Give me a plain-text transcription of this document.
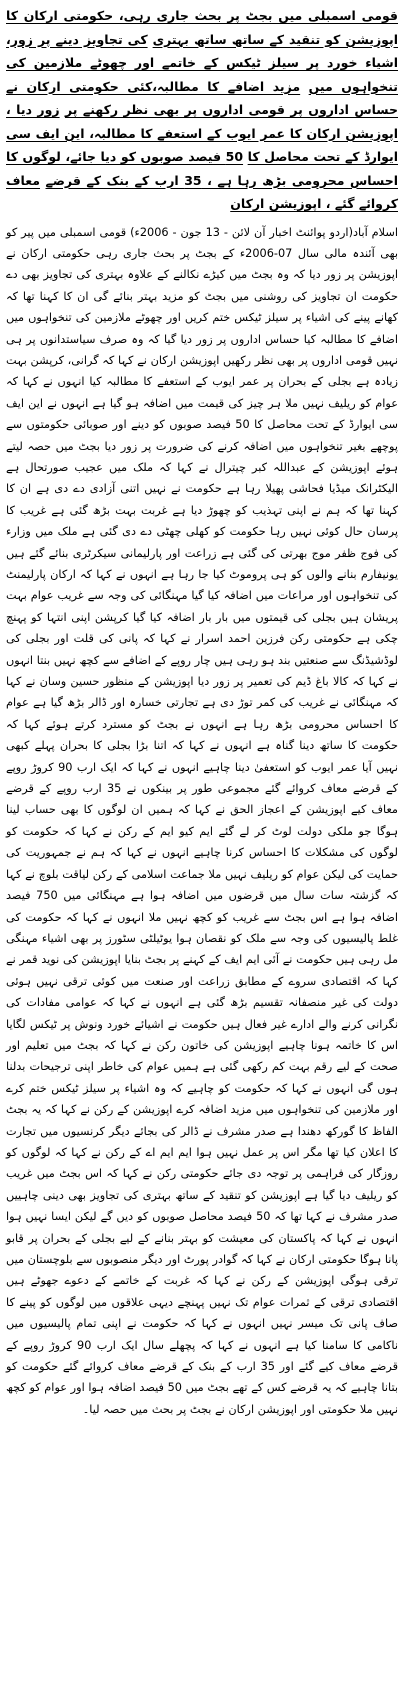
قومی اسمبلی میں بجٹ پر بحث جاری رہی، حکومتی ارکان کا اپوزیشن کو تنقید کے ساتھ ساتھ بہتری کی تجاویز دینے پر زور، اشیاء خورد پر سیلز ٹیکس کے خاتمے اور چھوٹے ملازمین کی تنخواہوں میں مزید اضافے کا مطالبہ،کئی حکومتی ارکان نے حساس اداروں پر قومی اداروں پر بھی نظر رکھنے پر زور دیا ، اپوزیشن ارکان کا عمر ایوب کے استعفے کا مطالبہ، این ایف سی ایوارڈ کے تحت محاصل کا 50 فیصد صوبوں کو دیا جائے، لوگوں کا احساس محرومی بڑھ رہا ہے ، 35 ارب کے بنک کے قرضے معاف کروائے گئے ، اپوزیشن ارکان
اسلام آباد(اردو پوائنٹ اخبار آن لائن - 13 جون - 2006ء) قومی اسمبلی میں پیر کو بھی آئندہ مالی سال 07-2006ء کے بجٹ پر بحث جاری رہی حکومتی ارکان نے اپوزیشن پر زور دیا کہ وہ بجٹ میں کیڑے نکالنے کے علاوہ بہتری کی تجاویز بھی دے حکومت ان تجاویز کی روشنی میں بجٹ کو مزید بہتر بنائے گی ان کا کہنا تھا کہ کھانے پینے کی اشیاء پر سیلز ٹیکس ختم کریں اور چھوٹے ملازمین کی تنخواہوں میں اضافے کا مطالبہ کیا حساس اداروں پر زور دیا گیا کہ وہ صرف سیاستدانوں پر ہی نہیں قومی اداروں پر بھی نظر رکھیں اپوزیشن ارکان نے کہا کہ گرانی، کرپشن بہت زیادہ ہے بجلی کے بحران پر عمر ایوب کے استعفے کا مطالبہ کیا انہوں نے کہا کہ عوام کو ریلیف نہیں ملا ہر چیز کی قیمت میں اضافہ ہو گیا ہے انہوں نے این ایف سی ایوارڈ کے تحت محاصل کا 50 فیصد صوبوں کو دینے اور صوبائی حکومتوں سے پوچھے بغیر تنخواہوں میں اضافہ کرنے کی ضرورت پر زور دیا بجٹ میں حصہ لیتے ہوئے اپوزیشن کے عبداللہ کبر چیترال نے کہا کہ ملک میں عجیب صورتحال ہے الیکٹرانک میڈیا فحاشی پھیلا رہا ہے حکومت نے نہیں اتنی آزادی دے دی ہے ان کا کہنا تھا کہ ہم نے اپنی تہذیب کو چھوڑ دیا ہے غربت بہت بڑھ گئی ہے غریب کا پرسان حال کوئی نہیں رہا حکومت کو کھلی چھٹی دے دی گئی ہے ملک میں وزارء کی فوج ظفر موج بھرتی کی گئی ہے زراعت اور پارلیمانی سیکرٹری بنائے گئے ہیں یونیفارم بنانے والوں کو ہی پروموٹ کیا جا رہا ہے انہوں نے کہا کہ ارکان پارلیمنٹ کی تنخواہوں اور مراعات میں اضافہ کیا گیا مہنگائی کی وجہ سے غریب عوام بہت پریشان ہیں بجلی کی قیمتوں میں بار بار اضافہ کیا گیا کرپشن اپنی انتہا کو پہنچ چکی ہے حکومتی رکن فرزین احمد اسرار نے کہا کہ پانی کی قلت اور بجلی کی لوڈشیڈنگ سے صنعتیں بند ہو رہی ہیں چار روپے کے اضافے سے کچھ نہیں بنتا انہوں نے کہا کہ کالا باغ ڈیم کی تعمیر پر زور دیا اپوزیشن کے منظور حسین وسان نے کہا کہ مہنگائی نے غریب کی کمر توڑ دی ہے تجارتی خسارہ اور ڈالر بڑھ گیا ہے عوام کا احساس محرومی بڑھ رہا ہے انہوں نے بجٹ کو مسترد کرتے ہوئے کہا کہ حکومت کا ساتھ دینا گناہ ہے انہوں نے کہا کہ اتنا بڑا بجلی کا بحران پہلے کبھی نہیں آیا عمر ایوب کو استعفیٰ دینا چاہیے انہوں نے کہا کہ ایک ارب 90 کروڑ روپے کے قرضے معاف کروائے گئے مجموعی طور پر بینکوں نے 35 ارب روپے کے قرضے معاف کیے اپوزیشن کے اعجاز الحق نے کہا کہ ہمیں ان لوگوں کا بھی حساب لینا ہوگا جو ملکی دولت لوٹ کر لے گئے ایم کیو ایم کے رکن نے کہا کہ حکومت کو لوگوں کی مشکلات کا احساس کرنا چاہیے انہوں نے کہا کہ ہم نے جمہوریت کی حمایت کی لیکن عوام کو ریلیف نہیں ملا جماعت اسلامی کے رکن لیاقت بلوچ نے کہا کہ گزشتہ سات سال میں قرضوں میں اضافہ ہوا ہے مہنگائی میں 750 فیصد اضافہ ہوا ہے اس بجٹ سے غریب کو کچھ نہیں ملا انہوں نے کہا کہ حکومت کی غلط پالیسیوں کی وجہ سے ملک کو نقصان ہوا یوٹیلٹی سٹورز پر بھی اشیاء مہنگی مل رہی ہیں حکومت نے آئی ایم ایف کے کہنے پر بجٹ بنایا اپوزیشن کی نوید قمر نے کہا کہ اقتصادی سروے کے مطابق زراعت اور صنعت میں کوئی ترقی نہیں ہوئی دولت کی غیر منصفانہ تقسیم بڑھ گئی ہے انہوں نے کہا کہ عوامی مفادات کی نگرانی کرنے والے ادارے غیر فعال ہیں حکومت نے اشیائے خورد ونوش پر ٹیکس لگایا اس کا خاتمہ ہونا چاہیے اپوزیشن کی خاتون رکن نے کہا کہ بجٹ میں تعلیم اور صحت کے لیے رقم بہت کم رکھی گئی ہے ہمیں عوام کی خاطر اپنی ترجیحات بدلنا ہوں گی انہوں نے کہا کہ حکومت کو چاہیے کہ وہ اشیاء پر سیلز ٹیکس ختم کرے اور ملازمین کی تنخواہوں میں مزید اضافہ کرے اپوزیشن کے رکن نے کہا کہ یہ بجٹ الفاظ کا گورکھ دھندا ہے صدر مشرف نے ڈالر کی بجائے دیگر کرنسیوں میں تجارت کا اعلان کیا تھا مگر اس پر عمل نہیں ہوا ایم ایم اے کے رکن نے کہا کہ لوگوں کو روزگار کی فراہمی پر توجہ دی جائے حکومتی رکن نے کہا کہ اس بجٹ میں غریب کو ریلیف دیا گیا ہے اپوزیشن کو تنقید کے ساتھ بہتری کی تجاویز بھی دینی چاہییں صدر مشرف نے کہا تھا کہ 50 فیصد محاصل صوبوں کو دیں گے لیکن ایسا نہیں ہوا انہوں نے کہا کہ پاکستان کی معیشت کو بہتر بنانے کے لیے بجلی کے بحران پر قابو پانا ہوگا حکومتی ارکان نے کہا کہ گوادر پورٹ اور دیگر منصوبوں سے بلوچستان میں ترقی ہوگی اپوزیشن کے رکن نے کہا کہ غربت کے خاتمے کے دعوے جھوٹے ہیں اقتصادی ترقی کے ثمرات عوام تک نہیں پہنچے دیہی علاقوں میں لوگوں کو پینے کا صاف پانی تک میسر نہیں انہوں نے کہا کہ حکومت نے اپنی تمام پالیسیوں میں ناکامی کا سامنا کیا ہے انہوں نے کہا کہ پچھلے سال ایک ارب 90 کروڑ روپے کے قرضے معاف کیے گئے اور 35 ارب کے بنک کے قرضے معاف کروائے گئے حکومت کو بتانا چاہیے کہ یہ قرضے کس کے تھے بجٹ میں 50 فیصد اضافہ ہوا اور عوام کو کچھ نہیں ملا حکومتی اور اپوزیشن ارکان نے بجٹ پر بحث میں حصہ لیا۔
